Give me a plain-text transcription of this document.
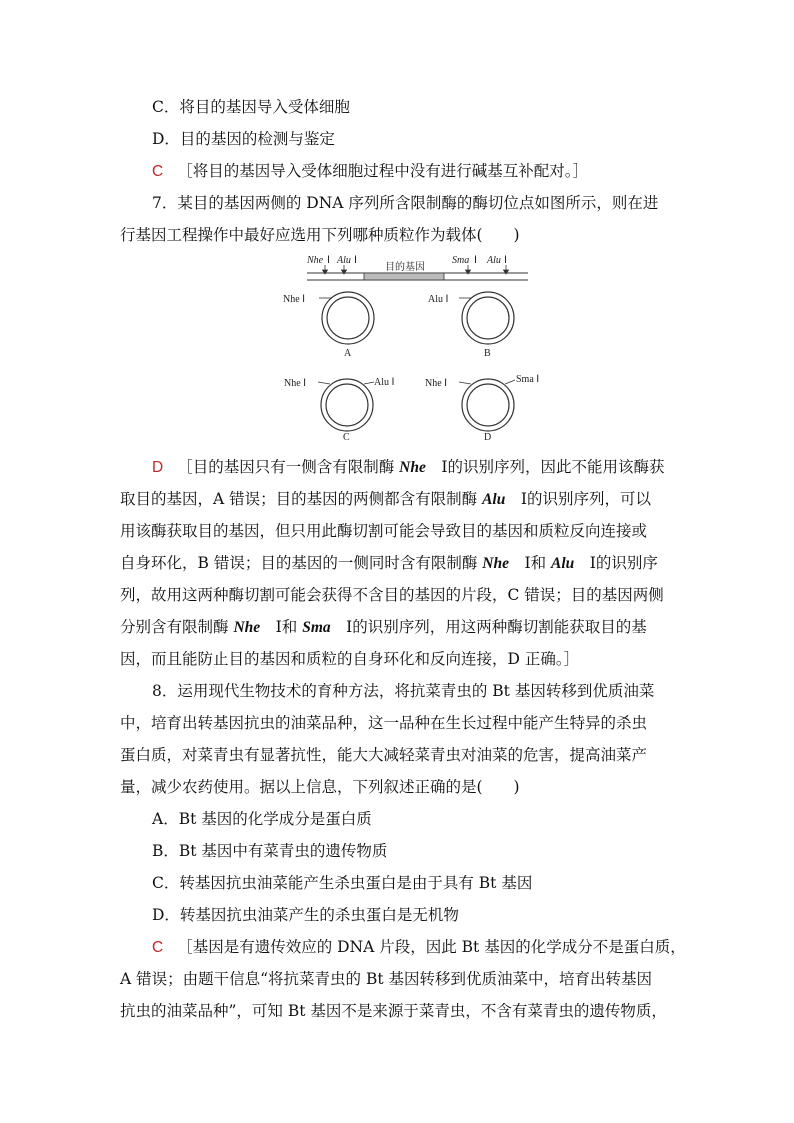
C．将目的基因导入受体细胞
D．目的基因的检测与鉴定
C ［将目的基因导入受体细胞过程中没有进行碱基互补配对。］
7．某目的基因两侧的 DNA 序列所含限制酶的酶切位点如图所示，则在进
行基因工程操作中最好应选用下列哪种质粒作为载体(　　)
目的基因
Nhe Ⅰ Alu Ⅰ	Sma Ⅰ Alu Ⅰ
Nhe Ⅰ
A
Alu Ⅰ
B
Nhe Ⅰ	Alu Ⅰ
C
Nhe Ⅰ	Sma Ⅰ
D
D ［目的基因只有一侧含有限制酶 Nhe　Ⅰ的识别序列，因此不能用该酶获
取目的基因，A 错误；目的基因的两侧都含有限制酶 Alu　Ⅰ的识别序列，可以
用该酶获取目的基因，但只用此酶切割可能会导致目的基因和质粒反向连接或
自身环化，B 错误；目的基因的一侧同时含有限制酶 Nhe　Ⅰ和 Alu　Ⅰ的识别序
列，故用这两种酶切割可能会获得不含目的基因的片段，C 错误；目的基因两侧
分别含有限制酶 Nhe　Ⅰ和 Sma　Ⅰ的识别序列，用这两种酶切割能获取目的基
因，而且能防止目的基因和质粒的自身环化和反向连接，D 正确。］
8．运用现代生物技术的育种方法，将抗菜青虫的 Bt 基因转移到优质油菜
中，培育出转基因抗虫的油菜品种，这一品种在生长过程中能产生特异的杀虫
蛋白质，对菜青虫有显著抗性，能大大减轻菜青虫对油菜的危害，提高油菜产
量，减少农药使用。据以上信息，下列叙述正确的是(　　)
A．Bt 基因的化学成分是蛋白质
B．Bt 基因中有菜青虫的遗传物质
C．转基因抗虫油菜能产生杀虫蛋白是由于具有 Bt 基因
D．转基因抗虫油菜产生的杀虫蛋白是无机物
C ［基因是有遗传效应的 DNA 片段，因此 Bt 基因的化学成分不是蛋白质，
A 错误；由题干信息“将抗菜青虫的 Bt 基因转移到优质油菜中，培育出转基因
抗虫的油菜品种”，可知 Bt 基因不是来源于菜青虫，不含有菜青虫的遗传物质，
